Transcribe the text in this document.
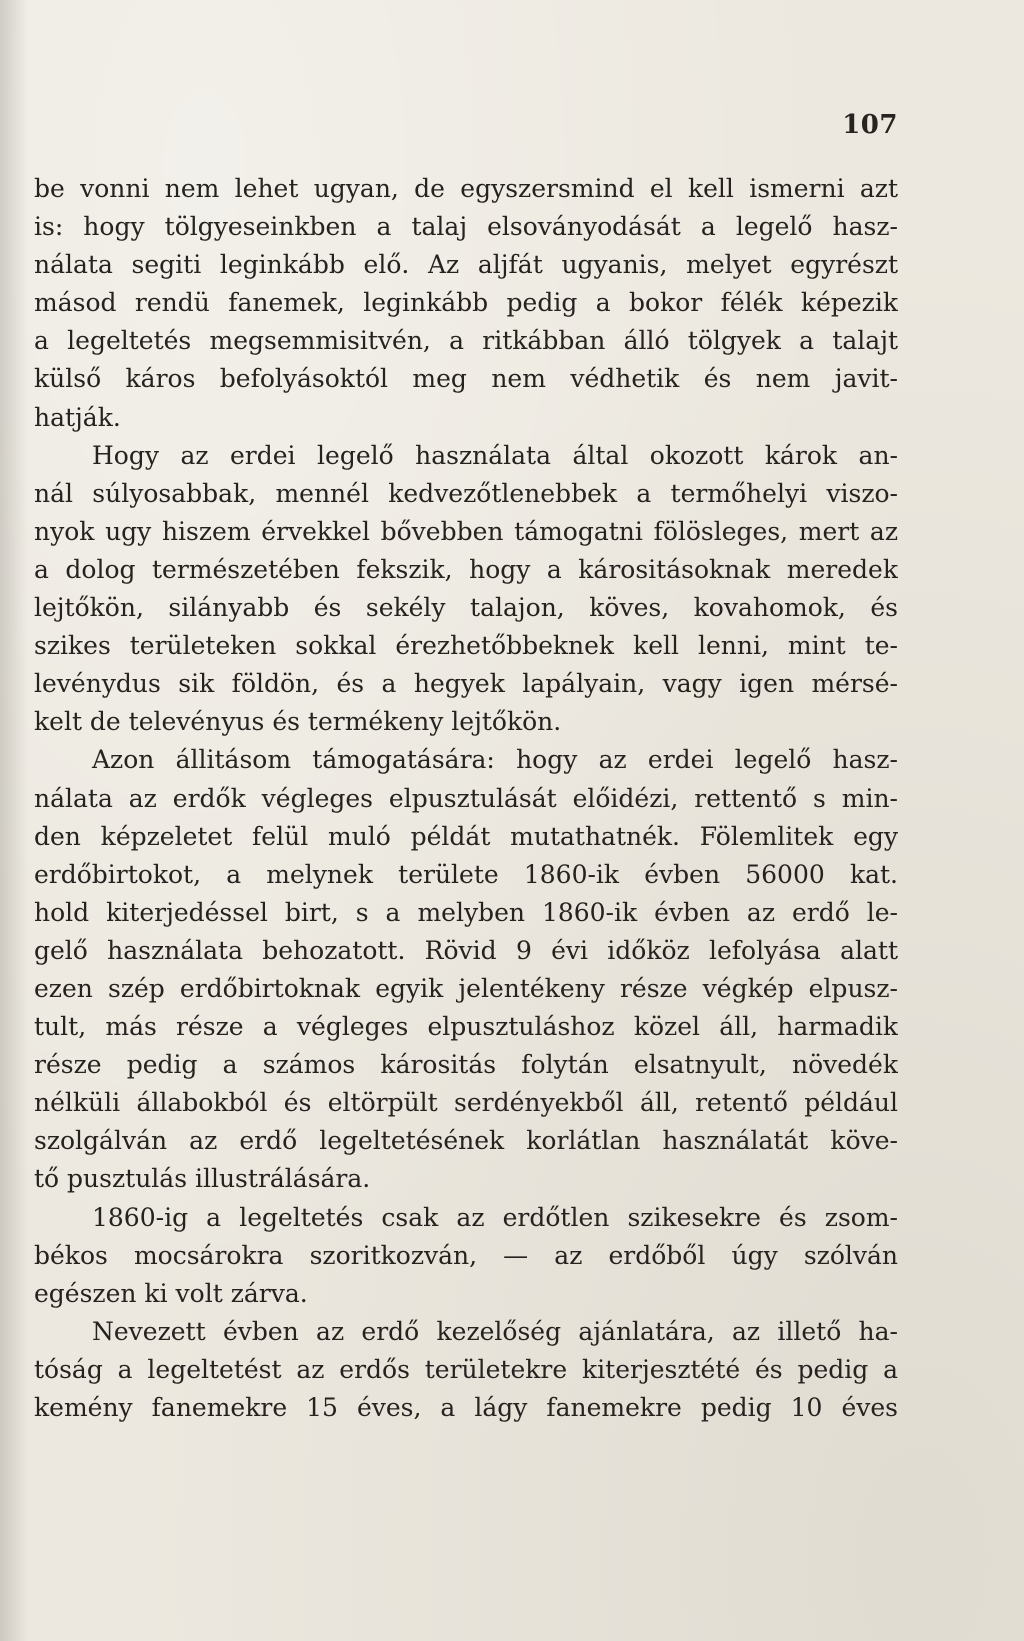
107
be vonni nem lehet ugyan, de egyszersmind el kell ismerni azt
is: hogy tölgyeseinkben a talaj elsoványodását a legelő hasz-
nálata segiti leginkább elő. Az aljfát ugyanis, melyet egyrészt
másod rendü fanemek, leginkább pedig a bokor félék képezik
a legeltetés megsemmisitvén, a ritkábban álló tölgyek a talajt
külső káros befolyásoktól meg nem védhetik és nem javit-
hatják.
Hogy az erdei legelő használata által okozott károk an-
nál súlyosabbak, mennél kedvezőtlenebbek a termőhelyi viszo-
nyok ugy hiszem érvekkel bővebben támogatni fölösleges, mert az
a dolog természetében fekszik, hogy a kárositásoknak meredek
lejtőkön, silányabb és sekély talajon, köves, kovahomok, és
szikes területeken sokkal érezhetőbbeknek kell lenni, mint te-
levénydus sik földön, és a hegyek lapályain, vagy igen mérsé-
kelt de televényus és termékeny lejtőkön.
Azon állitásom támogatására: hogy az erdei legelő hasz-
nálata az erdők végleges elpusztulását előidézi, rettentő s min-
den képzeletet felül muló példát mutathatnék. Fölemlitek egy
erdőbirtokot, a melynek területe 1860-ik évben 56000 kat.
hold kiterjedéssel birt, s a melyben 1860-ik évben az erdő le-
gelő használata behozatott. Rövid 9 évi időköz lefolyása alatt
ezen szép erdőbirtoknak egyik jelentékeny része végkép elpusz-
tult, más része a végleges elpusztuláshoz közel áll, harmadik
része pedig a számos kárositás folytán elsatnyult, növedék
nélküli állabokból és eltörpült serdényekből áll, retentő például
szolgálván az erdő legeltetésének korlátlan használatát köve-
tő pusztulás illustrálására.
1860-ig a legeltetés csak az erdőtlen szikesekre és zsom-
békos mocsárokra szoritkozván, — az erdőből úgy szólván
egészen ki volt zárva.
Nevezett évben az erdő kezelőség ajánlatára, az illető ha-
tóság a legeltetést az erdős területekre kiterjesztété és pedig a
kemény fanemekre 15 éves, a lágy fanemekre pedig 10 éves
